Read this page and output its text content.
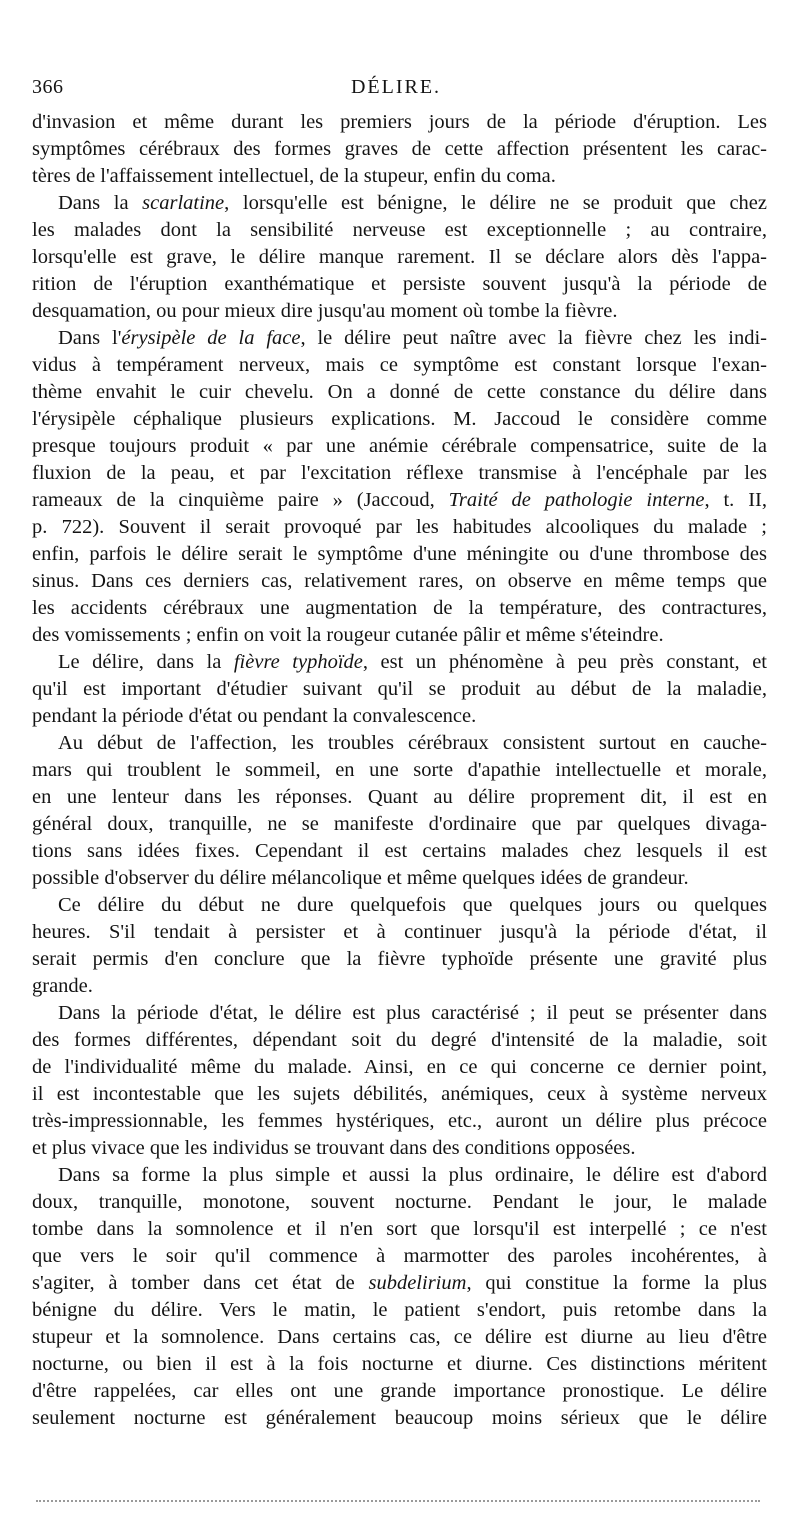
366	DÉLIRE.
d'invasion et même durant les premiers jours de la période d'éruption. Les
symptômes cérébraux des formes graves de cette affection présentent les carac-
tères de l'affaissement intellectuel, de la stupeur, enfin du coma.
Dans la scarlatine, lorsqu'elle est bénigne, le délire ne se produit que chez
les malades dont la sensibilité nerveuse est exceptionnelle ; au contraire,
lorsqu'elle est grave, le délire manque rarement. Il se déclare alors dès l'appa-
rition de l'éruption exanthématique et persiste souvent jusqu'à la période de
desquamation, ou pour mieux dire jusqu'au moment où tombe la fièvre.
Dans l'érysipèle de la face, le délire peut naître avec la fièvre chez les indi-
vidus à tempérament nerveux, mais ce symptôme est constant lorsque l'exan-
thème envahit le cuir chevelu. On a donné de cette constance du délire dans
l'érysipèle céphalique plusieurs explications. M. Jaccoud le considère comme
presque toujours produit « par une anémie cérébrale compensatrice, suite de la
fluxion de la peau, et par l'excitation réflexe transmise à l'encéphale par les
rameaux de la cinquième paire » (Jaccoud, Traité de pathologie interne, t. II,
p. 722). Souvent il serait provoqué par les habitudes alcooliques du malade ;
enfin, parfois le délire serait le symptôme d'une méningite ou d'une thrombose des
sinus. Dans ces derniers cas, relativement rares, on observe en même temps que
les accidents cérébraux une augmentation de la température, des contractures,
des vomissements ; enfin on voit la rougeur cutanée pâlir et même s'éteindre.
Le délire, dans la fièvre typhoïde, est un phénomène à peu près constant, et
qu'il est important d'étudier suivant qu'il se produit au début de la maladie,
pendant la période d'état ou pendant la convalescence.
Au début de l'affection, les troubles cérébraux consistent surtout en cauche-
mars qui troublent le sommeil, en une sorte d'apathie intellectuelle et morale,
en une lenteur dans les réponses. Quant au délire proprement dit, il est en
général doux, tranquille, ne se manifeste d'ordinaire que par quelques divaga-
tions sans idées fixes. Cependant il est certains malades chez lesquels il est
possible d'observer du délire mélancolique et même quelques idées de grandeur.
Ce délire du début ne dure quelquefois que quelques jours ou quelques
heures. S'il tendait à persister et à continuer jusqu'à la période d'état, il
serait permis d'en conclure que la fièvre typhoïde présente une gravité plus
grande.
Dans la période d'état, le délire est plus caractérisé ; il peut se présenter dans
des formes différentes, dépendant soit du degré d'intensité de la maladie, soit
de l'individualité même du malade. Ainsi, en ce qui concerne ce dernier point,
il est incontestable que les sujets débilités, anémiques, ceux à système nerveux
très-impressionnable, les femmes hystériques, etc., auront un délire plus précoce
et plus vivace que les individus se trouvant dans des conditions opposées.
Dans sa forme la plus simple et aussi la plus ordinaire, le délire est d'abord
doux, tranquille, monotone, souvent nocturne. Pendant le jour, le malade
tombe dans la somnolence et il n'en sort que lorsqu'il est interpellé ; ce n'est
que vers le soir qu'il commence à marmotter des paroles incohérentes, à
s'agiter, à tomber dans cet état de subdelirium, qui constitue la forme la plus
bénigne du délire. Vers le matin, le patient s'endort, puis retombe dans la
stupeur et la somnolence. Dans certains cas, ce délire est diurne au lieu d'être
nocturne, ou bien il est à la fois nocturne et diurne. Ces distinctions méritent
d'être rappelées, car elles ont une grande importance pronostique. Le délire
seulement nocturne est généralement beaucoup moins sérieux que le délire
